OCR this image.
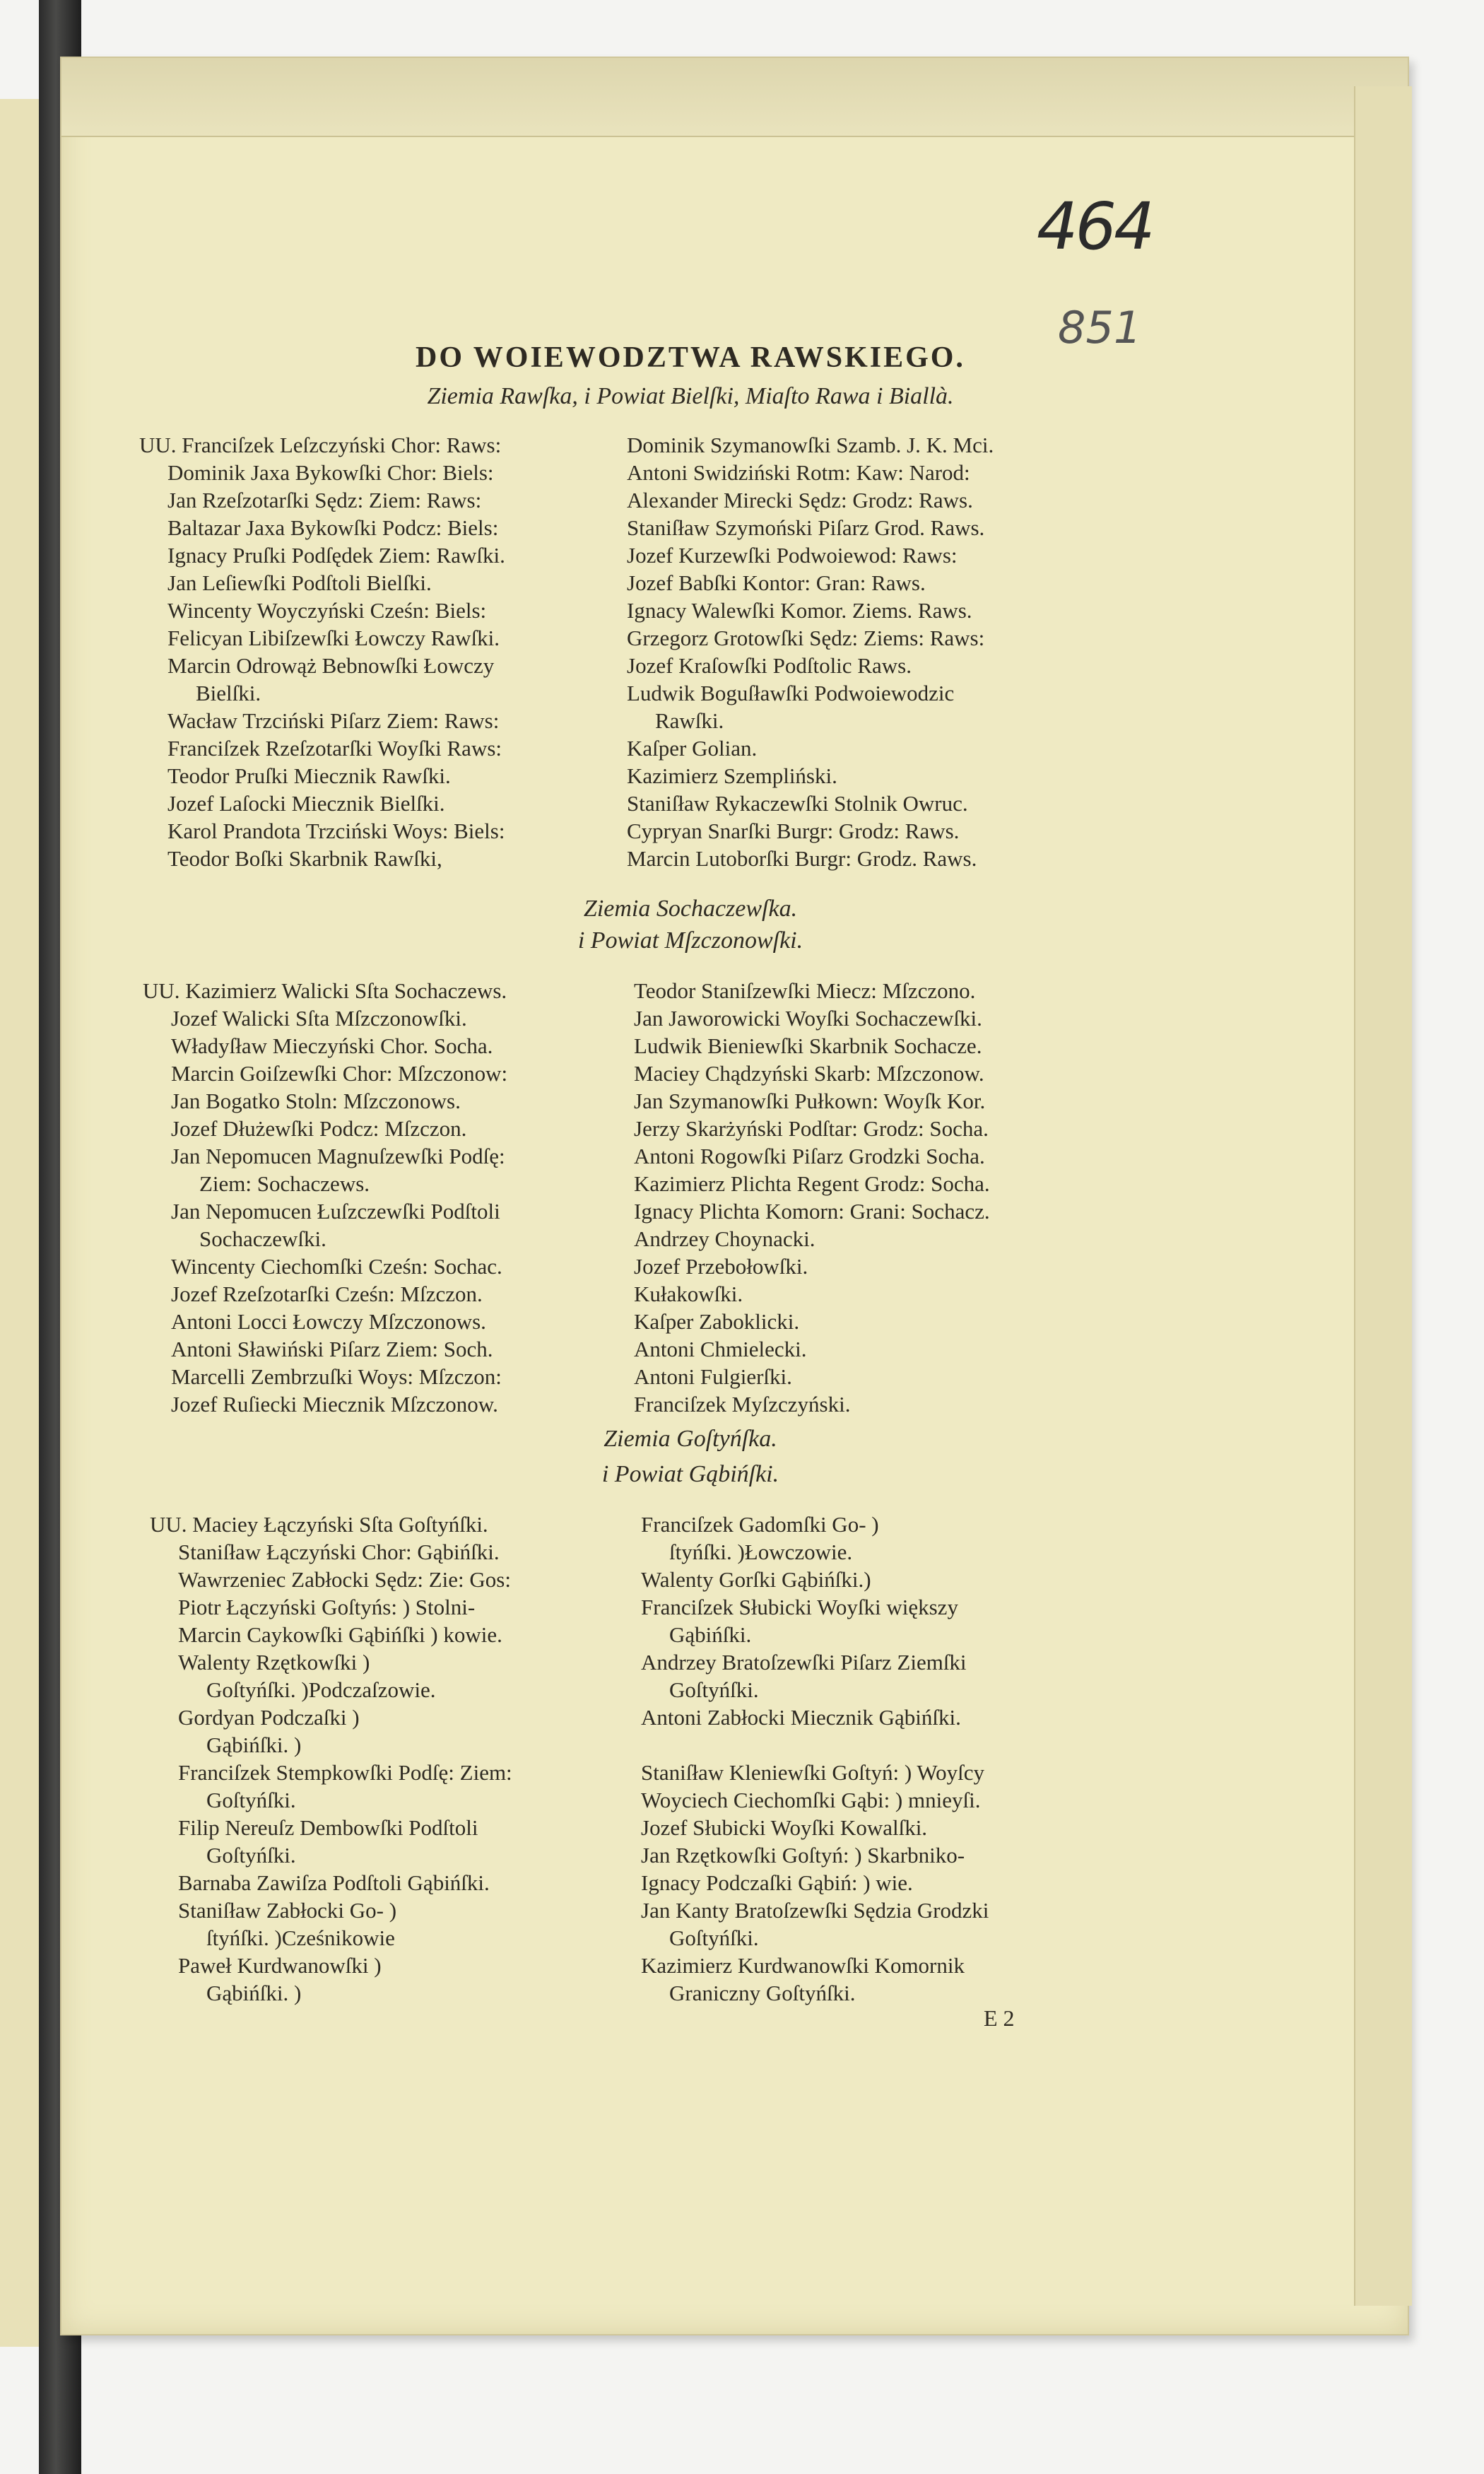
464
851
DO WOIEWODZTWA RAWSKIEGO.
Ziemia Rawſka, i Powiat Bielſki, Miaſto Rawa i Biallà.
UU. Franciſzek Leſzczyński Chor: Raws:
Dominik Jaxa Bykowſki Chor: Biels:
Jan Rzeſzotarſki Sędz: Ziem: Raws:
Baltazar Jaxa Bykowſki Podcz: Biels:
Ignacy Pruſki Podſędek Ziem: Rawſki.
Jan Leſiewſki Podſtoli Bielſki.
Wincenty Woyczyński Cześn: Biels:
Felicyan Libiſzewſki Łowczy Rawſki.
Marcin Odrowąż Bebnowſki Łowczy
Bielſki.
Wacław Trzciński Piſarz Ziem: Raws:
Franciſzek Rzeſzotarſki Woyſki Raws:
Teodor Pruſki Miecznik Rawſki.
Jozef Laſocki Miecznik Bielſki.
Karol Prandota Trzciński Woys: Biels:
Teodor Boſki Skarbnik Rawſki,
Dominik Szymanowſki Szamb. J. K. Mci.
Antoni Swidziński Rotm: Kaw: Narod:
Alexander Mirecki Sędz: Grodz: Raws.
Staniſław Szymoński Piſarz Grod. Raws.
Jozef Kurzewſki Podwoiewod: Raws:
Jozef Babſki Kontor: Gran: Raws.
Ignacy Walewſki Komor. Ziems. Raws.
Grzegorz Grotowſki Sędz: Ziems: Raws:
Jozef Kraſowſki Podſtolic Raws.
Ludwik Boguſławſki Podwoiewodzic
Rawſki.
Kaſper Golian.
Kazimierz Szempliński.
Staniſław Rykaczewſki Stolnik Owruc.
Cypryan Snarſki Burgr: Grodz: Raws.
Marcin Lutoborſki Burgr: Grodz. Raws.
Ziemia Sochaczewſka.
i Powiat Mſzczonowſki.
UU. Kazimierz Walicki Sſta Sochaczews.
Jozef Walicki Sſta Mſzczonowſki.
Władyſław Mieczyński Chor. Socha.
Marcin Goiſzewſki Chor: Mſzczonow:
Jan Bogatko Stoln: Mſzczonows.
Jozef Dłużewſki Podcz: Mſzczon.
Jan Nepomucen Magnuſzewſki Podſę:
Ziem: Sochaczews.
Jan Nepomucen Łuſzczewſki Podſtoli
Sochaczewſki.
Wincenty Ciechomſki Cześn: Sochac.
Jozef Rzeſzotarſki Cześn: Mſzczon.
Antoni Locci Łowczy Mſzczonows.
Antoni Sławiński Piſarz Ziem: Soch.
Marcelli Zembrzuſki Woys: Mſzczon:
Jozef Ruſiecki Miecznik Mſzczonow.
Teodor Staniſzewſki Miecz: Mſzczono.
Jan Jaworowicki Woyſki Sochaczewſki.
Ludwik Bieniewſki Skarbnik Sochacze.
Maciey Chądzyński Skarb: Mſzczonow.
Jan Szymanowſki Pułkown: Woyſk Kor.
Jerzy Skarżyński Podſtar: Grodz: Socha.
Antoni Rogowſki Piſarz Grodzki Socha.
Kazimierz Plichta Regent Grodz: Socha.
Ignacy Plichta Komorn: Grani: Sochacz.
Andrzey Choynacki.
Jozef Przebołowſki.
Kułakowſki.
Kaſper Zaboklicki.
Antoni Chmielecki.
Antoni Fulgierſki.
Franciſzek Myſzczyński.
Ziemia Goſtyńſka.
i Powiat Gąbińſki.
UU. Maciey Łączyński Sſta Goſtyńſki.
Staniſław Łączyński Chor: Gąbińſki.
Wawrzeniec Zabłocki Sędz: Zie: Gos:
Piotr Łączyński Goſtyńs: ) Stolni-
Marcin Caykowſki Gąbińſki ) kowie.
Walenty Rzętkowſki )
Goſtyńſki. )Podczaſzowie.
Gordyan Podczaſki )
Gąbińſki. )
Franciſzek Stempkowſki Podſę: Ziem:
Goſtyńſki.
Filip Nereuſz Dembowſki Podſtoli
Goſtyńſki.
Barnaba Zawiſza Podſtoli Gąbińſki.
Staniſław Zabłocki Go- )
ſtyńſki. )Cześnikowie
Paweł Kurdwanowſki )
Gąbińſki. )
Franciſzek Gadomſki Go- )
ſtyńſki. )Łowczowie.
Walenty Gorſki Gąbińſki.)
Franciſzek Słubicki Woyſki większy
Gąbińſki.
Andrzey Bratoſzewſki Piſarz Ziemſki
Goſtyńſki.
Antoni Zabłocki Miecznik Gąbińſki.

Staniſław Kleniewſki Goſtyń: ) Woyſcy
Woyciech Ciechomſki Gąbi: ) mnieyſi.
Jozef Słubicki Woyſki Kowalſki.
Jan Rzętkowſki Goſtyń: ) Skarbniko-
Ignacy Podczaſki Gąbiń: ) wie.
Jan Kanty Bratoſzewſki Sędzia Grodzki
Goſtyńſki.
Kazimierz Kurdwanowſki Komornik
Graniczny Goſtyńſki.
E 2
